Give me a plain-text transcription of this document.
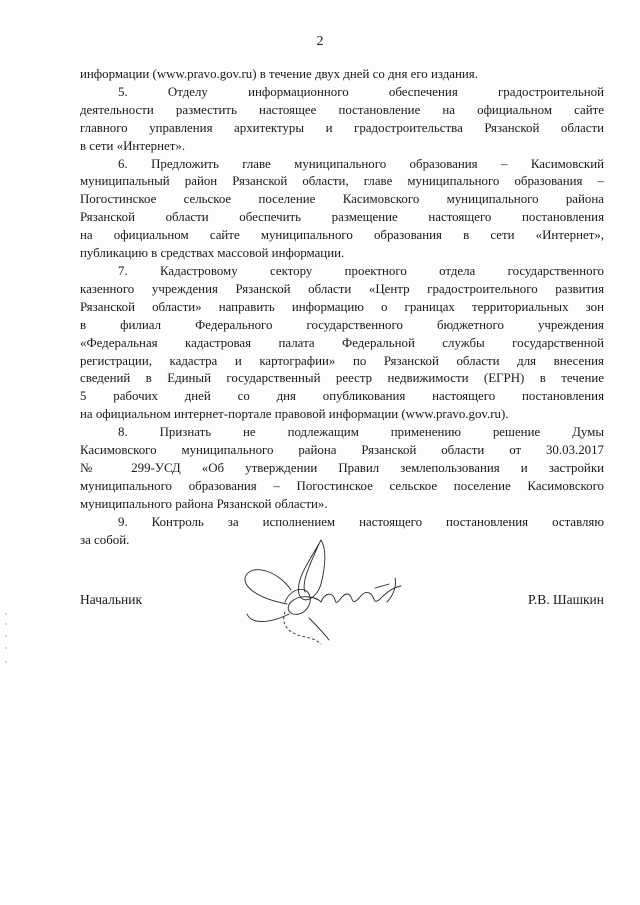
2
информации (www.pravo.gov.ru) в течение двух дней со дня его издания.
5. Отделу информационного обеспечения градостроительной
деятельности разместить настоящее постановление на официальном сайте
главного управления архитектуры и градостроительства Рязанской области
в сети «Интернет».
6. Предложить главе муниципального образования – Касимовский
муниципальный район Рязанской области, главе муниципального образования –
Погостинское сельское поселение Касимовского муниципального района
Рязанской области обеспечить размещение настоящего постановления
на официальном сайте муниципального образования в сети «Интернет»,
публикацию в средствах массовой информации.
7. Кадастровому сектору проектного отдела государственного
казенного учреждения Рязанской области «Центр градостроительного развития
Рязанской области» направить информацию о границах территориальных зон
в филиал Федерального государственного бюджетного учреждения
«Федеральная кадастровая палата Федеральной службы государственной
регистрации, кадастра и картографии» по Рязанской области для внесения
сведений в Единый государственный реестр недвижимости (ЕГРН) в течение
5 рабочих дней со дня опубликования настоящего постановления
на официальном интернет-портале правовой информации (www.pravo.gov.ru).
8. Признать не подлежащим применению решение Думы
Касимовского муниципального района Рязанской области от 30.03.2017
№ 299-УСД «Об утверждении Правил землепользования и застройки
муниципального образования – Погостинское сельское поселение Касимовского
муниципального района Рязанской области».
9. Контроль за исполнением настоящего постановления оставляю
за собой.
Начальник	Р.В. Шашкин
